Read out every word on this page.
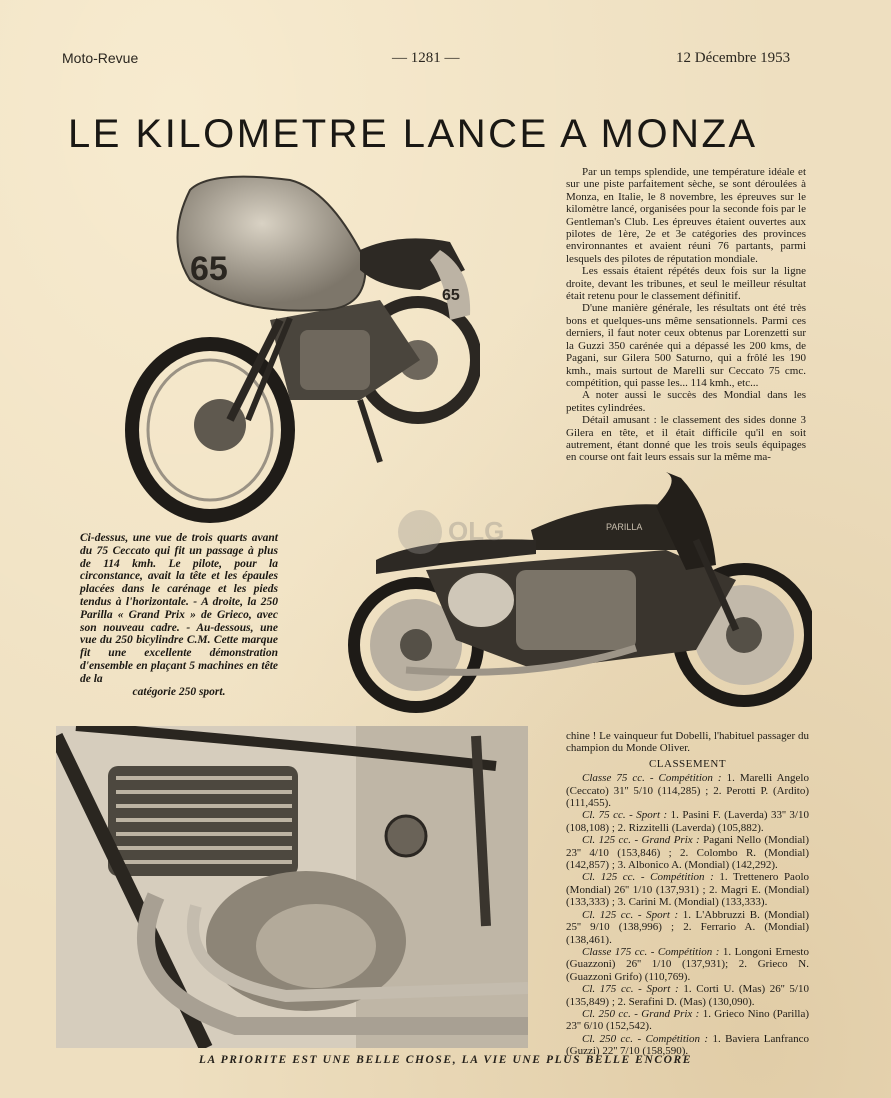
Moto-Revue	— 1281 —	12 Décembre 1953
LE KILOMETRE LANCE A MONZA
65
65
Ci-dessus, une vue de trois quarts avant du 75 Ceccato qui fit un passage à plus de 114 kmh. Le pilote, pour la circonstance, avait la tête et les épaules placées dans le carénage et les pieds tendus à l'horizontale. - A droite, la 250 Parilla « Grand Prix » de Grieco, avec son nouveau cadre. - Au-dessous, une vue du 250 bicylindre C.M. Cette marque fit une excellente démonstration d'ensemble en plaçant 5 machines en tête de la
catégorie 250 sport.
PARILLA
OLG

Par un temps splendide, une température idéale et sur une piste parfaitement sèche, se sont déroulées à Monza, en Italie, le 8 novembre, les épreuves sur le kilomètre lancé, organisées pour la seconde fois par le Gentleman's Club. Les épreuves étaient ouvertes aux pilotes de 1ère, 2e et 3e catégories des provinces environnantes et avaient réuni 76 partants, parmi lesquels des pilotes de réputation mondiale.

Les essais étaient répétés deux fois sur la ligne droite, devant les tribunes, et seul le meilleur résultat était retenu pour le classement définitif.

D'une manière générale, les résultats ont été très bons et quelques-uns même sensationnels. Parmi ces derniers, il faut noter ceux obtenus par Lorenzetti sur la Guzzi 350 carénée qui a dépassé les 200 kms, de Pagani, sur Gilera 500 Saturno, qui a frôlé les 190 kmh., mais surtout de Marelli sur Ceccato 75 cmc. compétition, qui passe les... 114 kmh., etc...

A noter aussi le succès des Mondial dans les petites cylindrées.

Détail amusant : le classement des sides donne 3 Gilera en tête, et il était difficile qu'il en soit autrement, étant donné que les trois seuls équipages en course ont fait leurs essais sur la même ma-

chine ! Le vainqueur fut Dobelli, l'habituel passager du champion du Monde Oliver.

CLASSEMENT

Classe 75 cc. - Compétition : 1. Marelli Angelo (Ceccato) 31'' 5/10 (114,285) ; 2. Perotti P. (Ardito) (111,455).

Cl. 75 cc. - Sport : 1. Pasini F. (Laverda) 33'' 3/10 (108,108) ; 2. Rizzitelli (Laverda) (105,882).

Cl. 125 cc. - Grand Prix : Pagani Nello (Mondial) 23'' 4/10 (153,846) ; 2. Colombo R. (Mondial) (142,857) ; 3. Albonico A. (Mondial) (142,292).

Cl. 125 cc. - Compétition : 1. Trettenero Paolo (Mondial) 26'' 1/10 (137,931) ; 2. Magri E. (Mondial) (133,333) ; 3. Carini M. (Mondial) (133,333).

Cl. 125 cc. - Sport : 1. L'Abbruzzi B. (Mondial) 25'' 9/10 (138,996) ; 2. Ferrario A. (Mondial) (138,461).

Classe 175 cc. - Compétition : 1. Longoni Ernesto (Guazzoni) 26'' 1/10 (137,931); 2. Grieco N. (Guazzoni Grifo) (110,769).

Cl. 175 cc. - Sport : 1. Corti U. (Mas) 26'' 5/10 (135,849) ; 2. Serafini D. (Mas) (130,090).

Cl. 250 cc. - Grand Prix : 1. Grieco Nino (Parilla) 23'' 6/10 (152,542).

Cl. 250 cc. - Compétition : 1. Baviera Lanfranco (Guzzi) 22'' 7/10 (158,590).

LA PRIORITE EST UNE BELLE CHOSE, LA VIE UNE PLUS BELLE ENCORE
